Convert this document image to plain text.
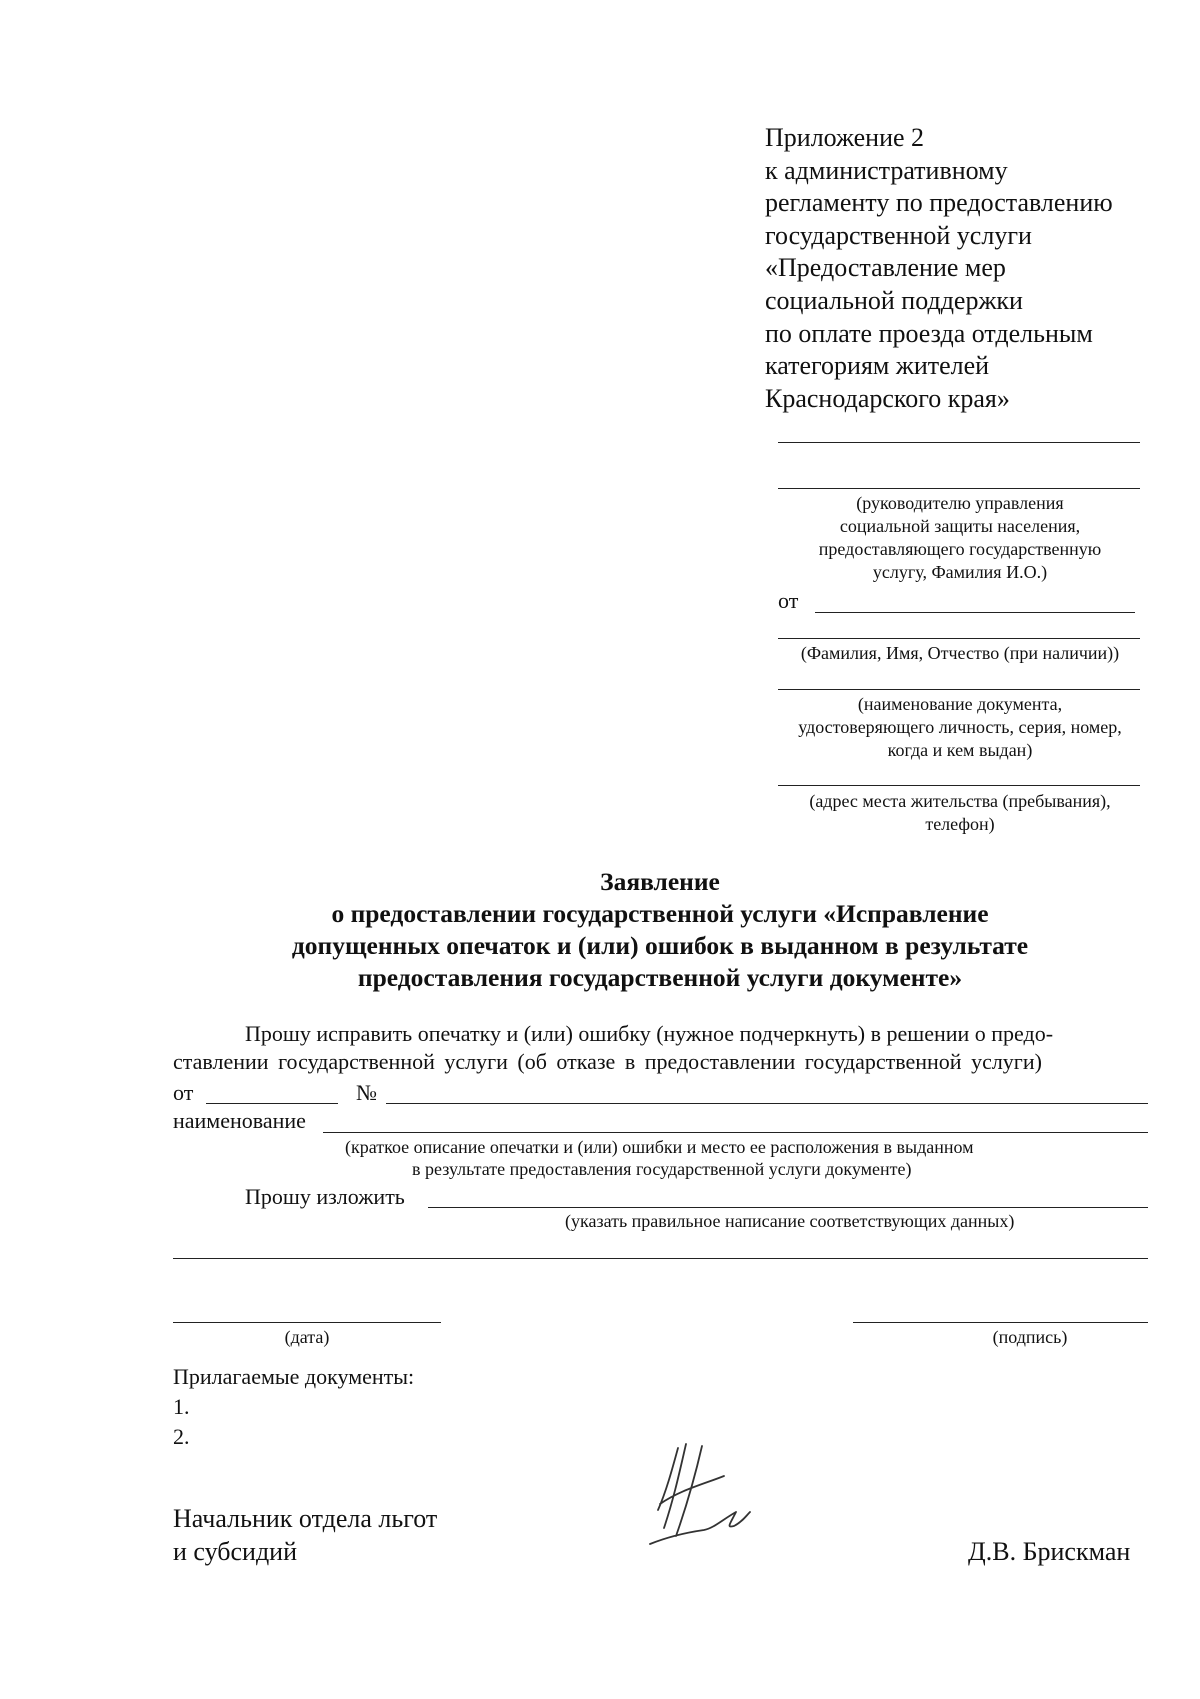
Приложение 2
к административному
регламенту по предоставлению
государственной услуги
«Предоставление мер
социальной поддержки
по оплате проезда отдельным
категориям жителей
Краснодарского края»
(руководителю управления
социальной защиты населения,
предоставляющего государственную
услугу, Фамилия И.О.)
от
(Фамилия, Имя, Отчество (при наличии))
(наименование документа,
удостоверяющего личность, серия, номер,
когда и кем выдан)
(адрес места жительства (пребывания),
телефон)
Заявление
о предоставлении государственной услуги «Исправление
допущенных опечаток и (или) ошибок в выданном в результате
предоставления государственной услуги документе»
Прошу исправить опечатку и (или) ошибку (нужное подчеркнуть) в решении о предо-
ставлении государственной услуги (об отказе в предоставлении государственной услуги)
от	№
наименование
(краткое описание опечатки и (или) ошибки и место ее расположения в выданном
в результате предоставления государственной услуги документе)
Прошу изложить
(указать правильное написание соответствующих данных)
(дата)	(подпись)
Прилагаемые документы:
1.
2.
Начальник отдела льгот
и субсидий	Д.В. Брискман
